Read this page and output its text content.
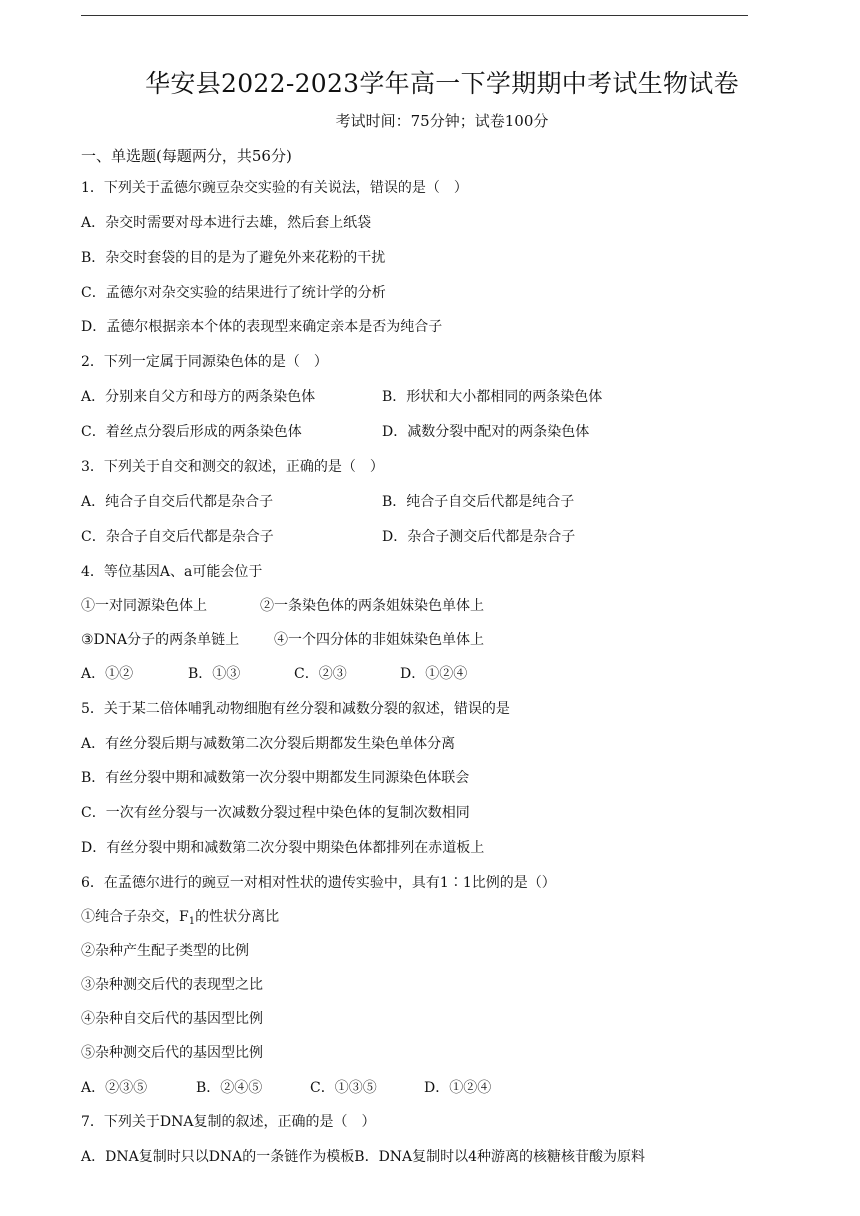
华安县2022-2023学年高一下学期期中考试生物试卷
考试时间：75分钟；试卷100分
一、单选题(每题两分，共56分)
1．下列关于孟德尔豌豆杂交实验的有关说法，错误的是（　）
A．杂交时需要对母本进行去雄，然后套上纸袋
B．杂交时套袋的目的是为了避免外来花粉的干扰
C．孟德尔对杂交实验的结果进行了统计学的分析
D．孟德尔根据亲本个体的表现型来确定亲本是否为纯合子
2．下列一定属于同源染色体的是（　）
A．分别来自父方和母方的两条染色体	B．形状和大小都相同的两条染色体
C．着丝点分裂后形成的两条染色体	D．减数分裂中配对的两条染色体
3．下列关于自交和测交的叙述，正确的是（　）
A．纯合子自交后代都是杂合子	B．纯合子自交后代都是纯合子
C．杂合子自交后代都是杂合子	D．杂合子测交后代都是杂合子
4．等位基因A、a可能会位于
①一对同源染色体上	②一条染色体的两条姐妹染色单体上
③DNA分子的两条单链上 ④一个四分体的非姐妹染色单体上
A．①②	B．①③	C．②③	D．①②④
5．关于某二倍体哺乳动物细胞有丝分裂和减数分裂的叙述，错误的是
A．有丝分裂后期与减数第二次分裂后期都发生染色单体分离
B．有丝分裂中期和减数第一次分裂中期都发生同源染色体联会
C．一次有丝分裂与一次减数分裂过程中染色体的复制次数相同
D．有丝分裂中期和减数第二次分裂中期染色体都排列在赤道板上
6．在孟德尔进行的豌豆一对相对性状的遗传实验中，具有1∶1比例的是（）
①纯合子杂交，$F_1$的性状分离比
②杂种产生配子类型的比例
③杂种测交后代的表现型之比
④杂种自交后代的基因型比例
⑤杂种测交后代的基因型比例
A．②③⑤	B．②④⑤	C．①③⑤	D．①②④
7．下列关于DNA复制的叙述，正确的是（　）
A．DNA复制时只以DNA的一条链作为模板B．DNA复制时以4种游离的核糖核苷酸为原料
